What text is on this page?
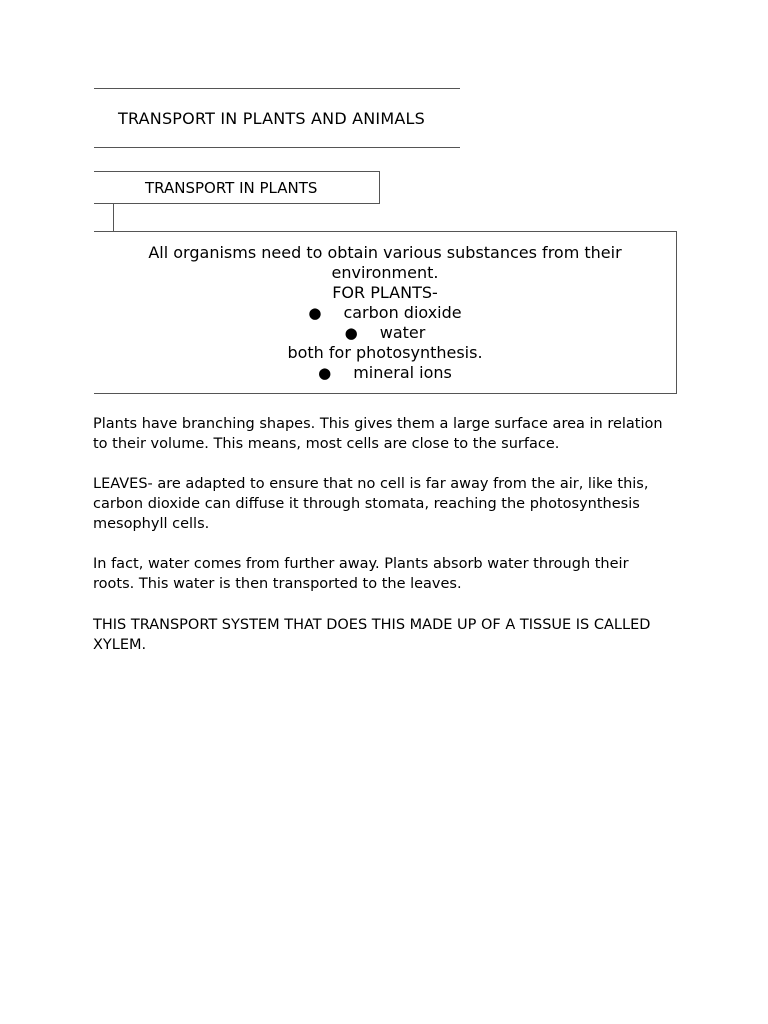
TRANSPORT IN PLANTS AND ANIMALS
TRANSPORT IN PLANTS
All organisms need to obtain various substances from their
environment.
FOR PLANTS-
● carbon dioxide
● water
both for photosynthesis.
● mineral ions
Plants have branching shapes. This gives them a large surface area in relation
to their volume. This means, most cells are close to the surface.
LEAVES- are adapted to ensure that no cell is far away from the air, like this,
carbon dioxide can diffuse it through stomata, reaching the photosynthesis
mesophyll cells.
In fact, water comes from further away. Plants absorb water through their
roots. This water is then transported to the leaves.
THIS TRANSPORT SYSTEM THAT DOES THIS MADE UP OF A TISSUE IS CALLED
XYLEM.
